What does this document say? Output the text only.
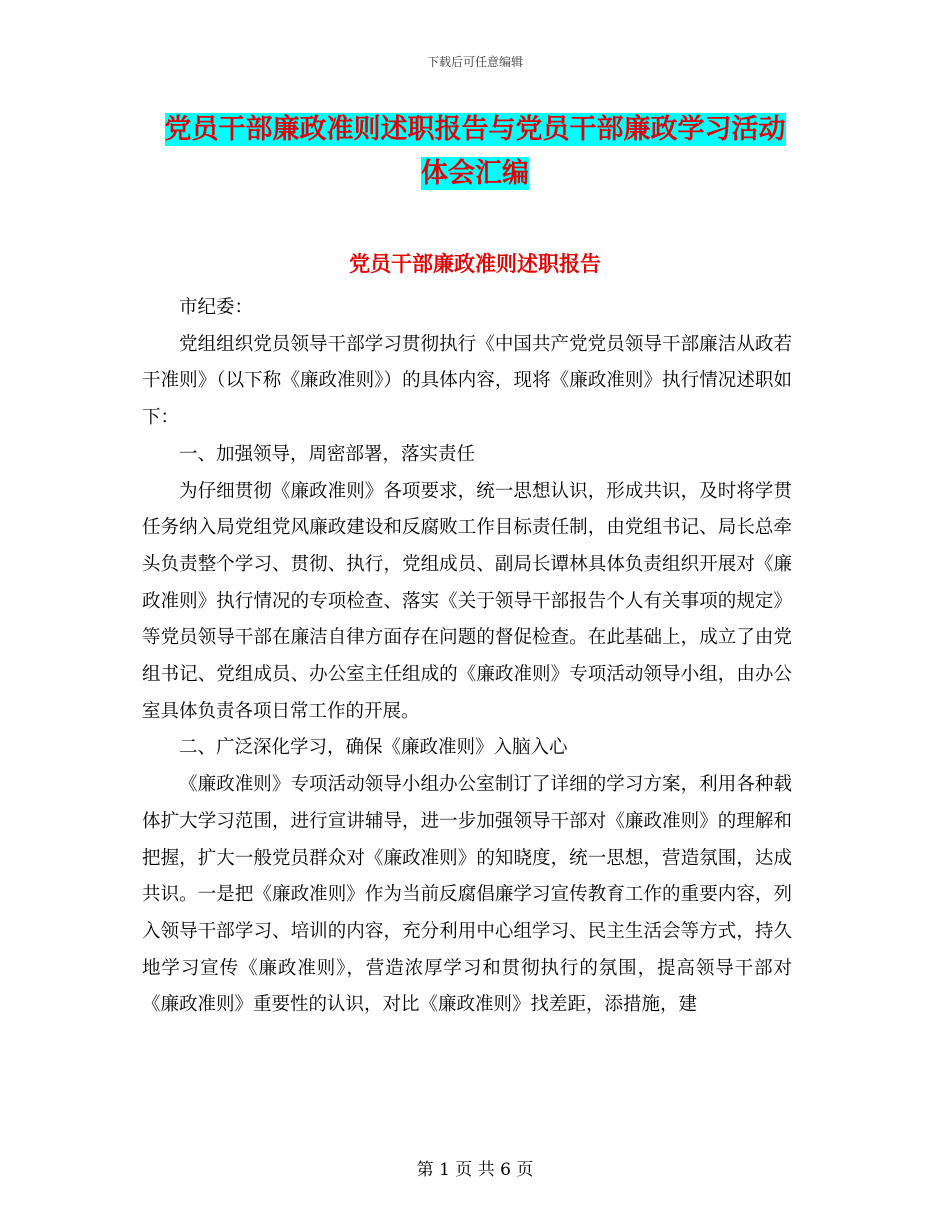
下载后可任意编辑
党员干部廉政准则述职报告与党员干部廉政学习活动
体会汇编
党员干部廉政准则述职报告

市纪委：

党组组织党员领导干部学习贯彻执行《中国共产党党员领导干部廉洁从政若干准则》（以下称《廉政准则》）的具体内容，现将《廉政准则》执行情况述职如下：

一、加强领导，周密部署，落实责任

为仔细贯彻《廉政准则》各项要求，统一思想认识，形成共识，及时将学贯任务纳入局党组党风廉政建设和反腐败工作目标责任制，由党组书记、局长总牵头负责整个学习、贯彻、执行，党组成员、副局长谭林具体负责组织开展对《廉政准则》执行情况的专项检查、落实《关于领导干部报告个人有关事项的规定》等党员领导干部在廉洁自律方面存在问题的督促检查。在此基础上，成立了由党组书记、党组成员、办公室主任组成的《廉政准则》专项活动领导小组，由办公室具体负责各项日常工作的开展。

二、广泛深化学习，确保《廉政准则》入脑入心

《廉政准则》专项活动领导小组办公室制订了详细的学习方案，利用各种载体扩大学习范围，进行宣讲辅导，进一步加强领导干部对《廉政准则》的理解和把握，扩大一般党员群众对《廉政准则》的知晓度，统一思想，营造氛围，达成共识。一是把《廉政准则》作为当前反腐倡廉学习宣传教育工作的重要内容，列入领导干部学习、培训的内容，充分利用中心组学习、民主生活会等方式，持久地学习宣传《廉政准则》，营造浓厚学习和贯彻执行的氛围，提高领导干部对《廉政准则》重要性的认识，对比《廉政准则》找差距，添措施，建

第 1 页 共 6 页
